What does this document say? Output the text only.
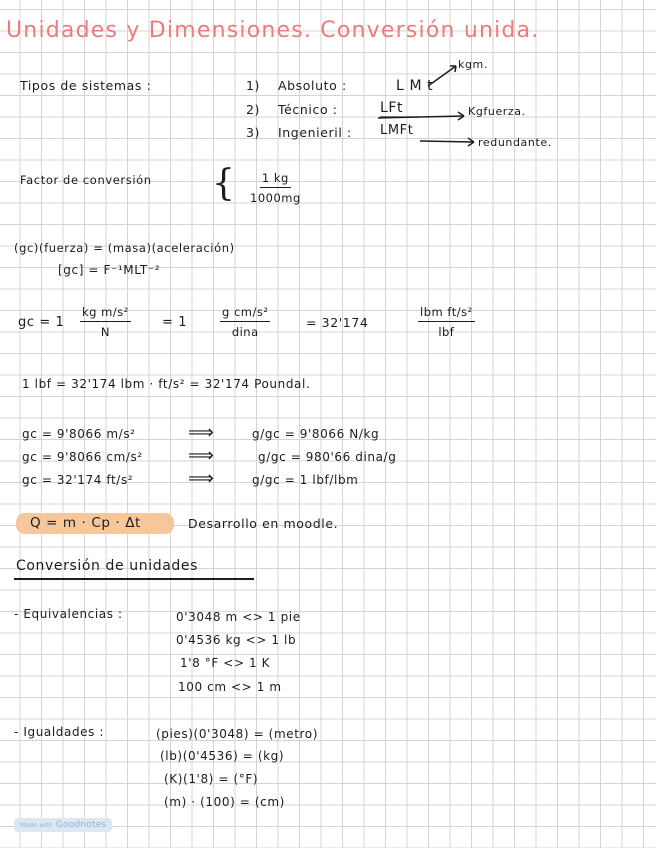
Unidades y Dimensiones. Conversión unida.
Tipos de sistemas :	1) Absoluto :	L M t
kgm.
2) Técnico :	LFt	Kgfuerza.
3) Ingenieril : LMFt
redundante.
Factor de conversión { $\frac{1 kg}{1000mg}$
(gc)(fuerza) = (masa)(aceleración)
[gc] = F⁻¹MLT⁻²
gc = $1 \frac{\text{kg m/s²}}{N} = 1$
g cm/s²
dina
= 32'174
lbm ft/s²
lbf
1 lbf = 32'174 lbm · ft/s² = 32'174 Poundal.
gc = 9'8066 m/s²	⟹	g/gc = 9'8066 N/kg
gc = 9'8066 cm/s²	⟹	g/gc = 980'66 dina/g
gc = 32'174 ft/s²	⟹	g/gc = 1 lbf/lbm
Q = m · Cp · Δt	Desarrollo en moodle.
Conversión de unidades
- Equivalencias :	0'3048 m <> 1 pie
0'4536 kg <> 1 lb
1'8 °F <> 1 K
100 cm <> 1 m
- Igualdades :	(pies)(0'3048) = (metro)
(lb)(0'4536) = (kg)
(K)(1'8) = (°F)
(m) · (100) = (cm)
Made with Goodnotes
